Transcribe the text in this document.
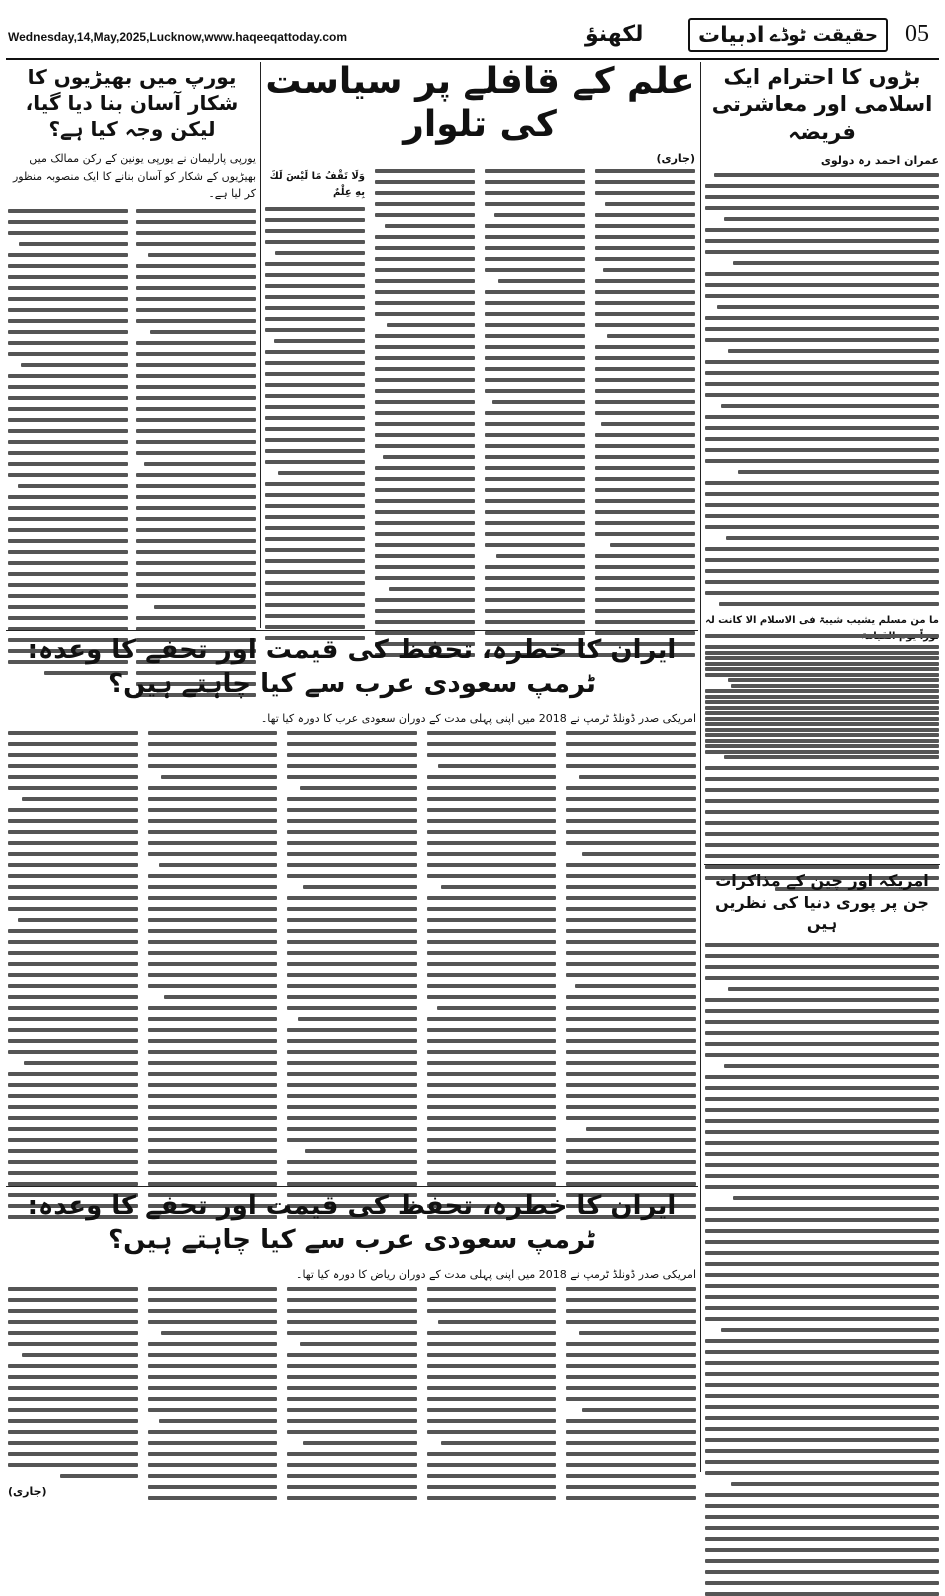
Wednesday,14,May,2025,Lucknow,www.haqeeqattoday.com	لکھنؤ	حقیقت ٹوڈے
ادبیات	05
بڑوں کا احترام ایک اسلامی اور معاشرتی فریضہ
عمران احمد رہ دولوی
ما من مسلم یشیب شیبۃ فی الاسلام الا کانت لہ
علم کے قافلے پر سیاست کی تلوار
(جاری)
وَلَا تَقْفُ مَا لَيْسَ لَكَ بِهِ عِلْمٌ
یورپ میں بھیڑیوں کا شکار آسان بنا دیا گیا، لیکن وجہ کیا ہے؟
یورپی پارلیمان نے یورپی یونین کے رکن ممالک میں بھیڑیوں کے شکار کو آسان بنانے کا ایک منصوبہ منظور کر لیا ہے۔
ایران کا خطرہ، تحفظ کی قیمت اور تحفے کا وعدہ: ٹرمپ سعودی عرب سے کیا چاہتے ہیں؟
امریکی صدر ڈونلڈ ٹرمپ نے 2018 میں اپنی پہلی مدت کے دوران سعودی عرب کا دورہ کیا تھا۔
امریکہ اور چین کے مذاکرات جن پر پوری دنیا کی نظریں ہیں
ایران کا خطرہ، تحفظ کی قیمت اور تحفے کا وعدہ: ٹرمپ سعودی عرب سے کیا چاہتے ہیں؟
امریکی صدر ڈونلڈ ٹرمپ نے 2018 میں اپنی پہلی مدت کے دوران ریاض کا دورہ کیا تھا۔
(جاری)
